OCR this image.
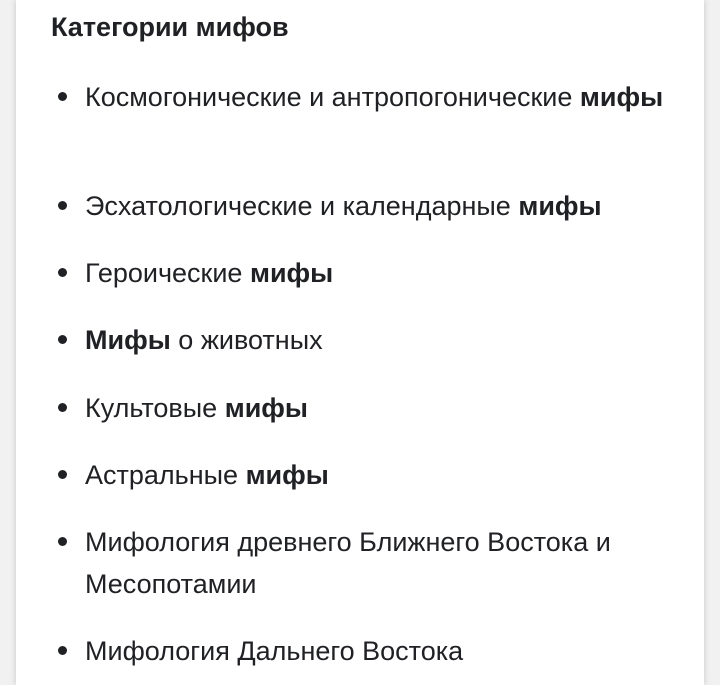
Категории мифов
Космогонические и антропогонические мифы
Эсхатологические и календарные мифы
Героические мифы
Мифы о животных
Культовые мифы
Астральные мифы
Мифология древнего Ближнего Востока и Месопотамии
Мифология Дальнего Востока
